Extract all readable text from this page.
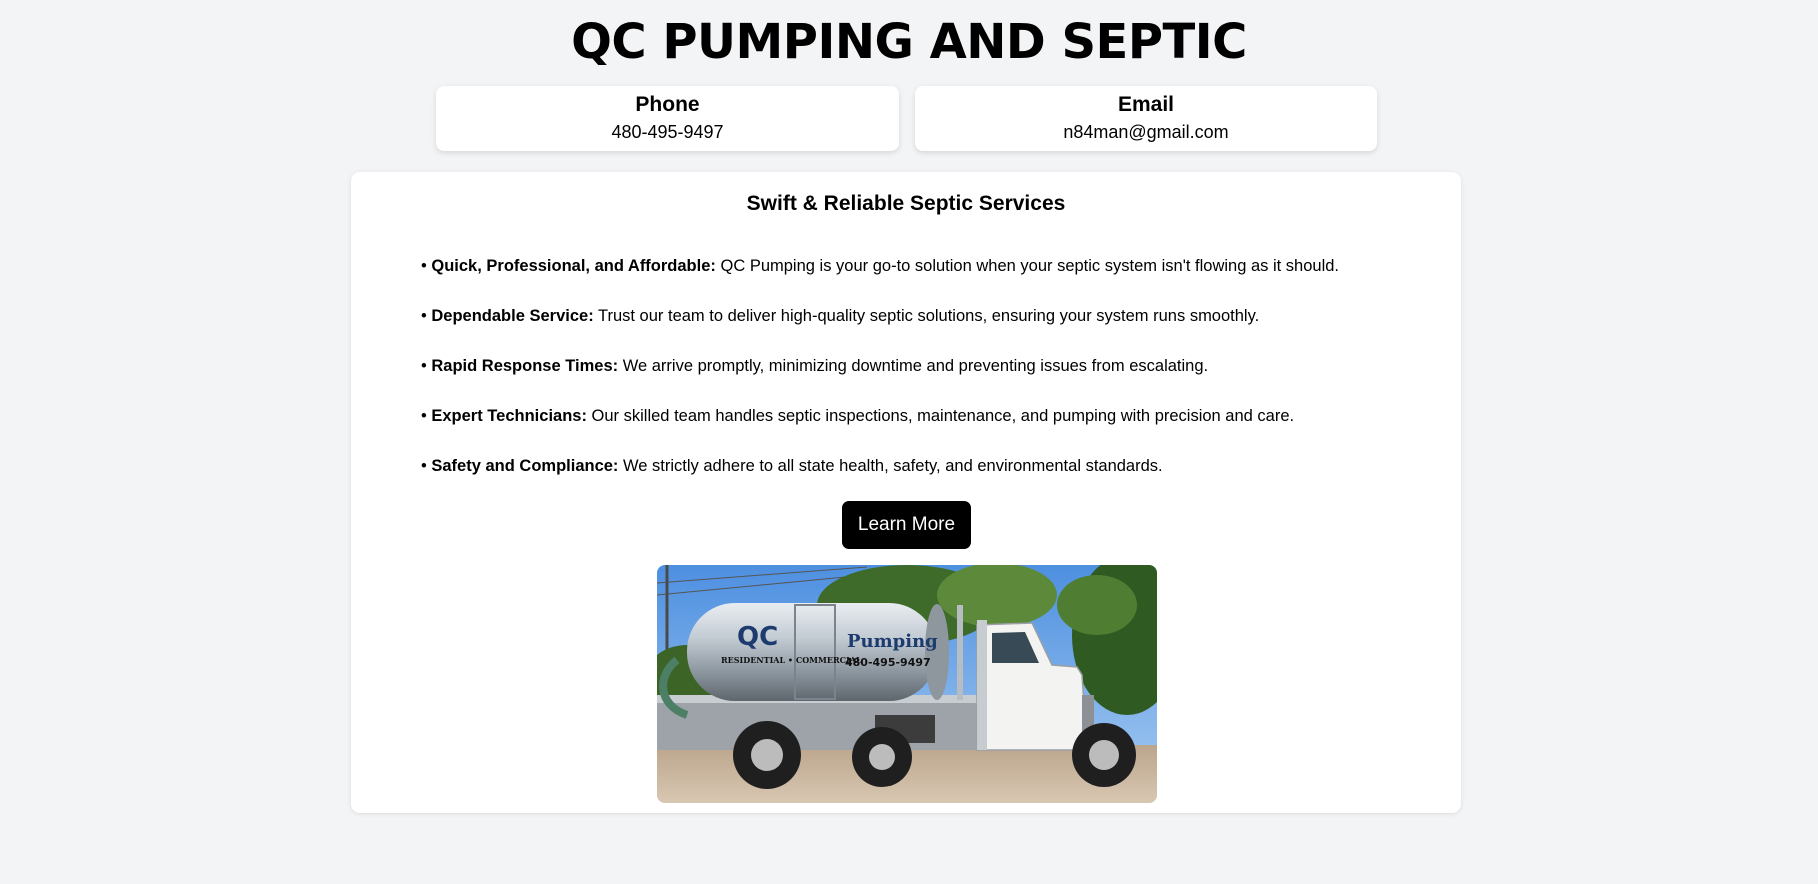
QC PUMPING AND SEPTIC
Phone
480-495-9497
Email
n84man@gmail.com
Swift & Reliable Septic Services
• Quick, Professional, and Affordable: QC Pumping is your go-to solution when your septic system isn't flowing as it should.
• Dependable Service: Trust our team to deliver high-quality septic solutions, ensuring your system runs smoothly.
• Rapid Response Times: We arrive promptly, minimizing downtime and preventing issues from escalating.
• Expert Technicians: Our skilled team handles septic inspections, maintenance, and pumping with precision and care.
• Safety and Compliance: We strictly adhere to all state health, safety, and environmental standards.
Learn More
QC	Pumping
480-495-9497
RESIDENTIAL • COMMERCIAL
